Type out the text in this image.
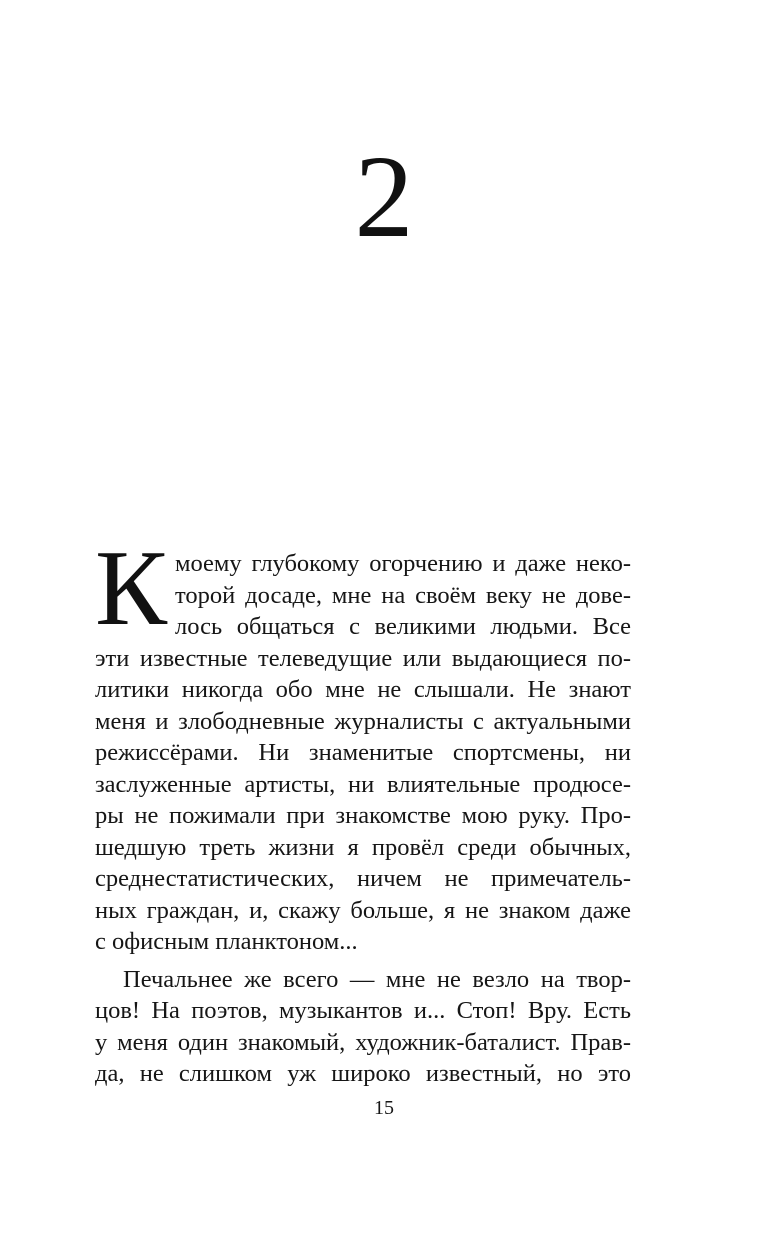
2
К моему глубокому огорчению и даже неко-
торой досаде, мне на своём веку не дове-
лось общаться с великими людьми. Все
эти известные телеведущие или выдающиеся по-
литики никогда обо мне не слышали. Не знают
меня и злободневные журналисты с актуальными
режиссёрами. Ни знаменитые спортсмены, ни
заслуженные артисты, ни влиятельные продюсе-
ры не пожимали при знакомстве мою руку. Про-
шедшую треть жизни я провёл среди обычных,
среднестатистических, ничем не примечатель-
ных граждан, и, скажу больше, я не знаком даже
с офисным планктоном...
Печальнее же всего — мне не везло на твор-
цов! На поэтов, музыкантов и... Стоп! Вру. Есть
у меня один знакомый, художник-баталист. Прав-
да, не слишком уж широко известный, но это
15
